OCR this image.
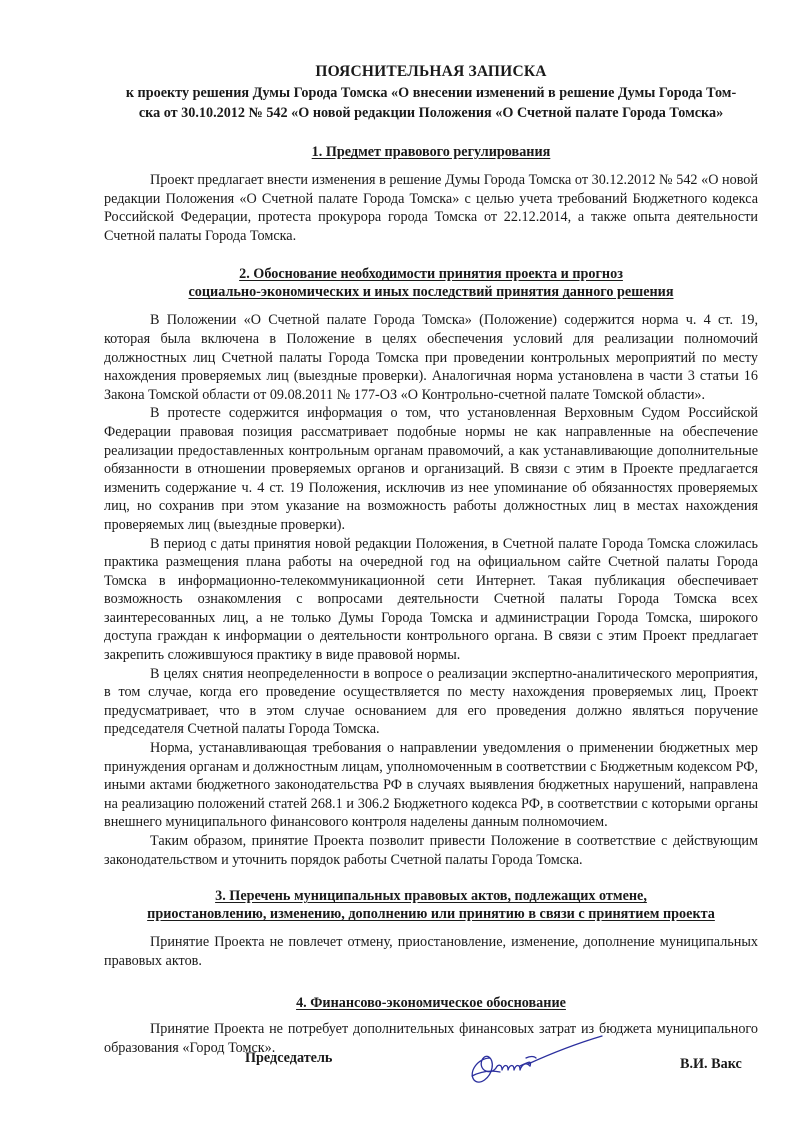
ПОЯСНИТЕЛЬНАЯ ЗАПИСКА

к проекту решения Думы Города Томска «О внесении изменений в решение Думы Города Том-
ска от 30.10.2012 № 542 «О новой редакции Положения «О Счетной палате Города Томска»

1. Предмет правового регулирования

Проект предлагает внести изменения в решение Думы Города Томска от 30.12.2012 № 542 «О новой редакции Положения «О Счетной палате Города Томска» с целью учета требований Бюджетного кодекса Российской Федерации, протеста прокурора города Томска от 22.12.2014, а также опыта деятельности Счетной палаты Города Томска.

2. Обоснование необходимости принятия проекта и прогноз
социально-экономических и иных последствий принятия данного решения

В Положении «О Счетной палате Города Томска» (Положение) содержится норма ч. 4 ст. 19, которая была включена в Положение в целях обеспечения условий для реализации полномочий должностных лиц Счетной палаты Города Томска при проведении контрольных мероприятий по месту нахождения проверяемых лиц (выездные проверки). Аналогичная норма установлена в части 3 статьи 16 Закона Томской области от 09.08.2011 № 177-ОЗ «О Контрольно-счетной палате Томской области».

В протесте содержится информация о том, что установленная Верховным Судом Российской Федерации правовая позиция рассматривает подобные нормы не как направленные на обеспечение реализации предоставленных контрольным органам правомочий, а как устанавливающие дополнительные обязанности в отношении проверяемых органов и организаций. В связи с этим в Проекте предлагается изменить содержание ч. 4 ст. 19 Положения, исключив из нее упоминание об обязанностях проверяемых лиц, но сохранив при этом указание на возможность работы должностных лиц в местах нахождения проверяемых лиц (выездные проверки).

В период с даты принятия новой редакции Положения, в Счетной палате Города Томска сложилась практика размещения плана работы на очередной год на официальном сайте Счетной палаты Города Томска в информационно-телекоммуникационной сети Интернет. Такая публикация обеспечивает возможность ознакомления с вопросами деятельности Счетной палаты Города Томска всех заинтересованных лиц, а не только Думы Города Томска и администрации Города Томска, широкого доступа граждан к информации о деятельности контрольного органа. В связи с этим Проект предлагает закрепить сложившуюся практику в виде правовой нормы.

В целях снятия неопределенности в вопросе о реализации экспертно-аналитического мероприятия, в том случае, когда его проведение осуществляется по месту нахождения проверяемых лиц, Проект предусматривает, что в этом случае основанием для его проведения должно являться поручение председателя Счетной палаты Города Томска.

Норма, устанавливающая требования о направлении уведомления о применении бюджетных мер принуждения органам и должностным лицам, уполномоченным в соответствии с Бюджетным кодексом РФ, иными актами бюджетного законодательства РФ в случаях выявления бюджетных нарушений, направлена на реализацию положений статей 268.1 и 306.2 Бюджетного кодекса РФ, в соответствии с которыми органы внешнего муниципального финансового контроля наделены данным полномочием.

Таким образом, принятие Проекта позволит привести Положение в соответствие с действующим законодательством и уточнить порядок работы Счетной палаты Города Томска.

3. Перечень муниципальных правовых актов, подлежащих отмене,
приостановлению, изменению, дополнению или принятию в связи с принятием проекта

Принятие Проекта не повлечет отмену, приостановление, изменение, дополнение муниципальных правовых актов.

4. Финансово-экономическое обоснование

Принятие Проекта не потребует дополнительных финансовых затрат из бюджета муниципального образования «Город Томск».

Председатель	В.И. Вакс
